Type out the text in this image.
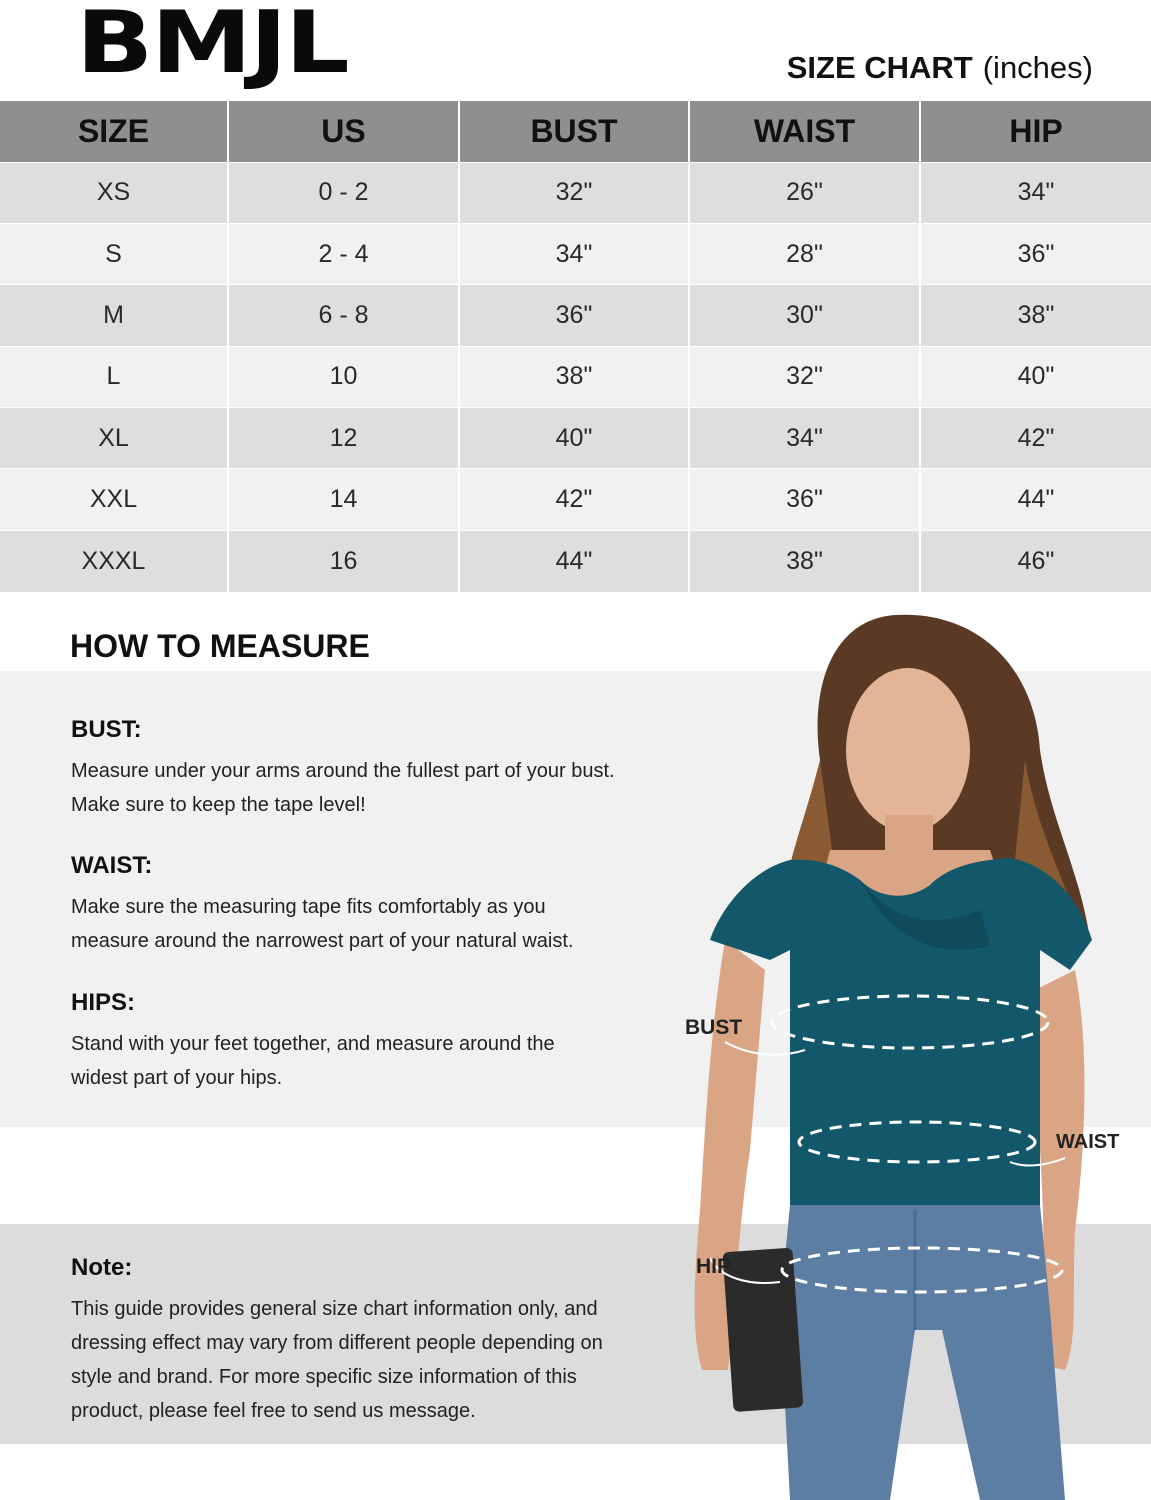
BMJL	SIZE CHART (inches)
SIZE	US	BUST	WAIST	HIP
XS	0 - 2	32"	26"	34"
S	2 - 4	34"	28"	36"
M	6 - 8	36"	30"	38"
L	10	38"	32"	40"
XL	12	40"	34"	42"
XXL	14	42"	36"	44"
XXXL	16	44"	38"	46"
HOW TO MEASURE
BUST:

Measure under your arms around the fullest part of your bust. Make sure to keep the tape level!

WAIST:

Make sure the measuring tape fits comfortably as you measure around the narrowest part of your natural waist.

HIPS:

Stand with your feet together, and measure around the widest part of your hips.

Note:

This guide provides general size chart information only, and dressing effect may vary from different people depending on style and brand. For more specific size information of this product, please feel free to send us message.

BUST
WAIST
HIP
